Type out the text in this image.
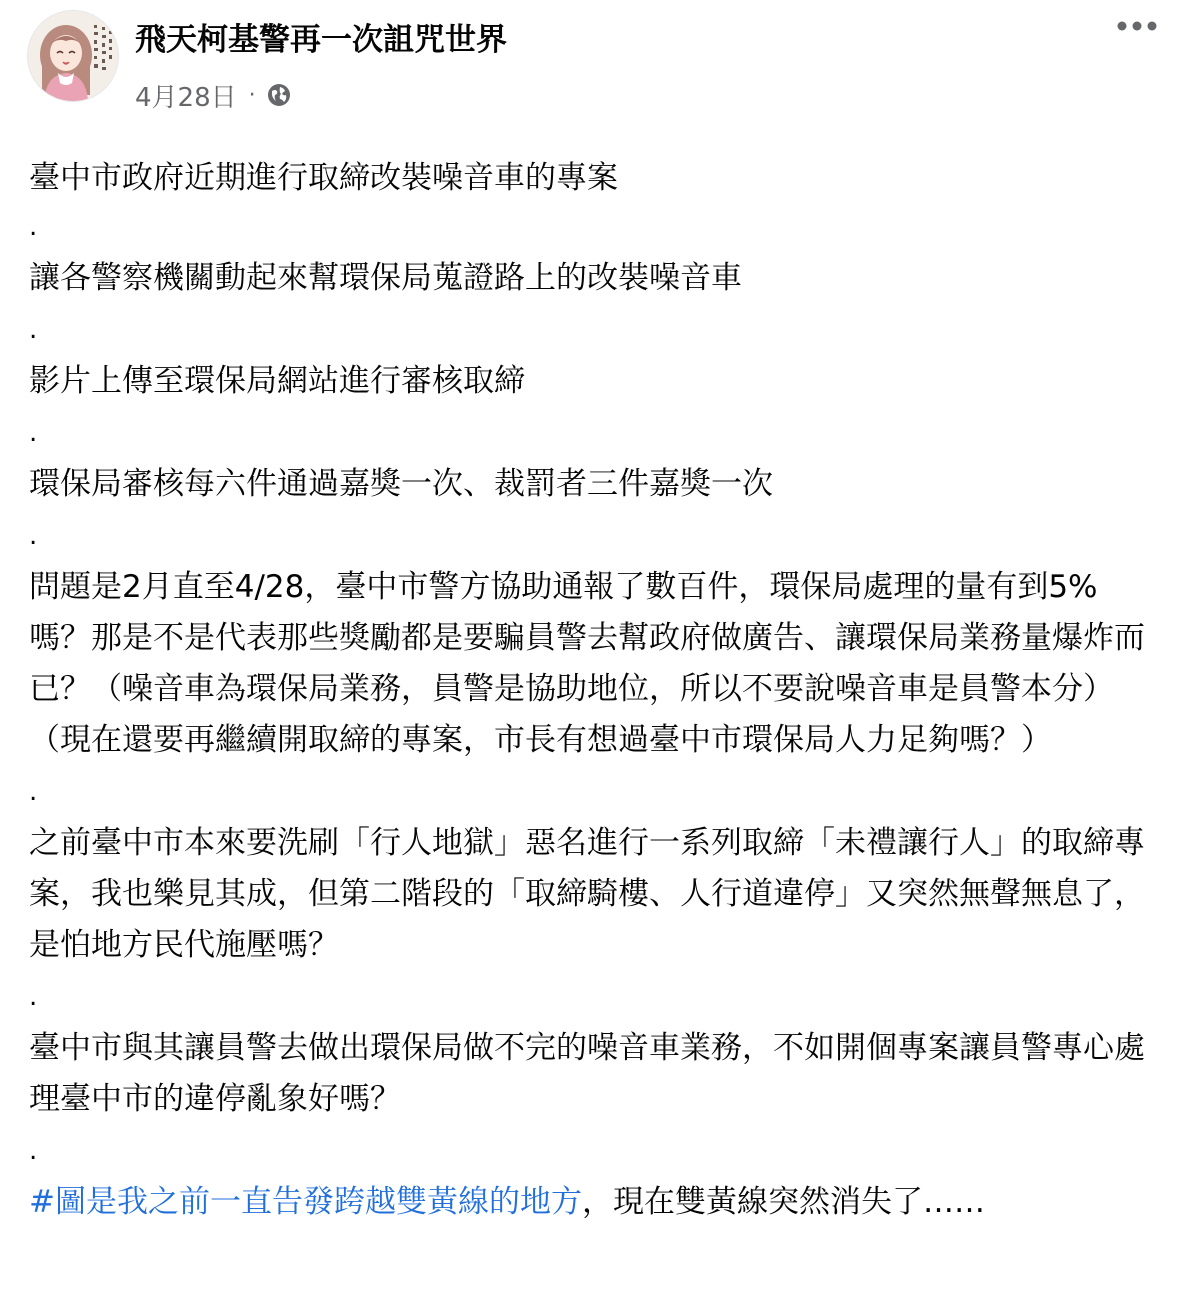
飛天柯基警再一次詛咒世界
4月28日 ·

臺中市政府近期進行取締改裝噪音車的專案

.

讓各警察機關動起來幫環保局蒐證路上的改裝噪音車

.

影片上傳至環保局網站進行審核取締

.

環保局審核每六件通過嘉獎一次、裁罰者三件嘉獎一次

.

問題是2月直至4/28，臺中市警方協助通報了數百件，環保局處理的量有到5%嗎？那是不是代表那些獎勵都是要騙員警去幫政府做廣告、讓環保局業務量爆炸而已？（噪音車為環保局業務，員警是協助地位，所以不要說噪音車是員警本分）

（現在還要再繼續開取締的專案，市長有想過臺中市環保局人力足夠嗎？）

.

之前臺中市本來要洗刷「行人地獄」惡名進行一系列取締「未禮讓行人」的取締專案，我也樂見其成，但第二階段的「取締騎樓、人行道違停」又突然無聲無息了，是怕地方民代施壓嗎？

.

臺中市與其讓員警去做出環保局做不完的噪音車業務，不如開個專案讓員警專心處理臺中市的違停亂象好嗎？

.

#圖是我之前一直告發跨越雙黃線的地方，現在雙黃線突然消失了……
